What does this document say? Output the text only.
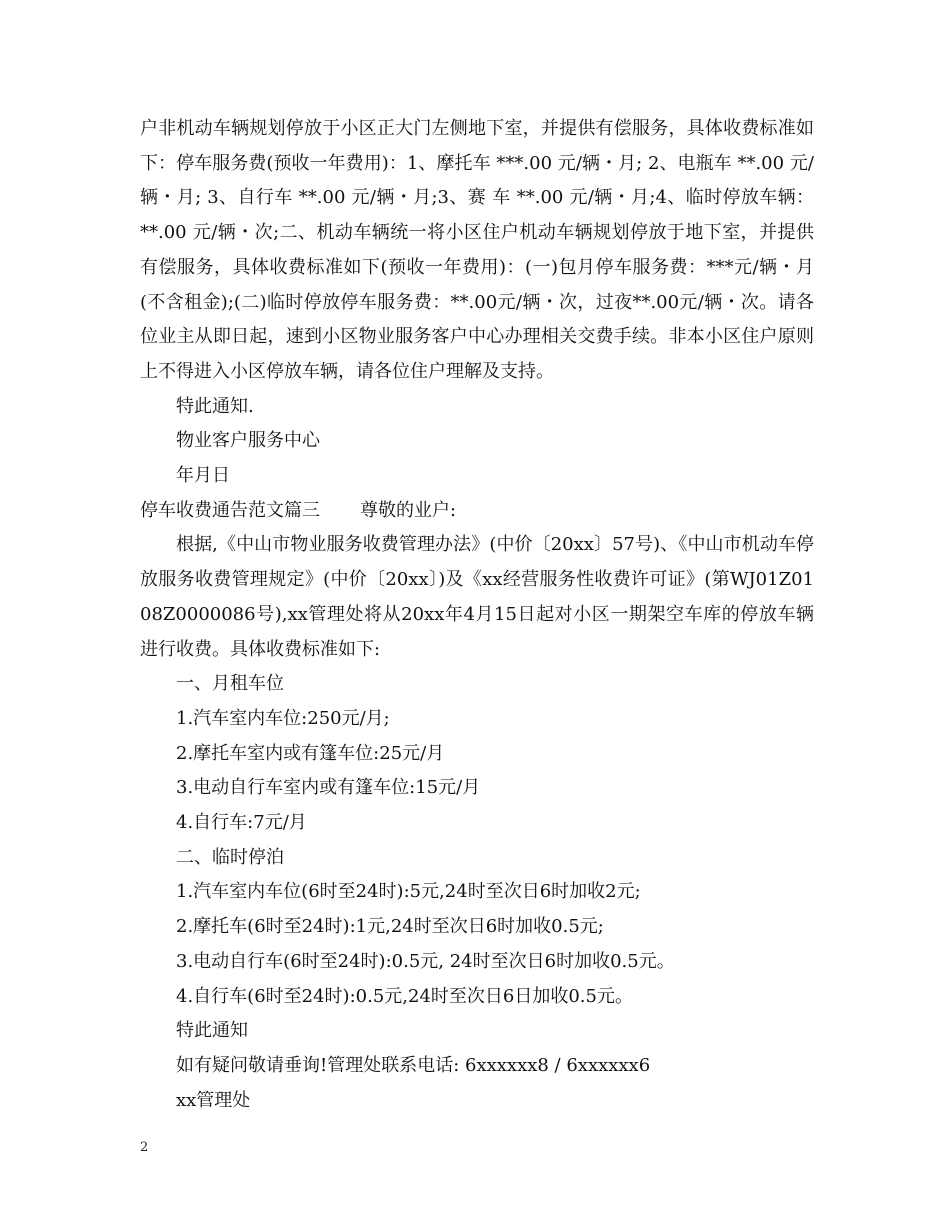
户非机动车辆规划停放于小区正大门左侧地下室，并提供有偿服务，具体收费标准如下：停车服务费(预收一年费用)：1、摩托车 ***.00 元/辆・月; 2、电瓶车 **.00 元/辆・月; 3、自行车 **.00 元/辆・月;3、赛 车 **.00 元/辆・月;4、临时停放车辆： **.00 元/辆・次;二、机动车辆统一将小区住户机动车辆规划停放于地下室，并提供有偿服务，具体收费标准如下(预收一年费用)：(一)包月停车服务费：***元/辆・月(不含租金);(二)临时停放停车服务费：**.00元/辆・次，过夜**.00元/辆・次。请各位业主从即日起，速到小区物业服务客户中心办理相关交费手续。非本小区住户原则上不得进入小区停放车辆，请各位住户理解及支持。

特此通知.

物业客户服务中心

年月日

停车收费通告范文篇三 尊敬的业户:

根据,《中山市物业服务收费管理办法》(中价〔20xx〕57号)、《中山市机动车停放服务收费管理规定》(中价〔20xx〕)及《xx经营服务性收费许可证》(第WJ01Z0108Z0000086号),xx管理处将从20xx年4月15日起对小区一期架空车库的停放车辆进行收费。具体收费标准如下:

一、月租车位

1.汽车室内车位:250元/月;

2.摩托车室内或有篷车位:25元/月

3.电动自行车室内或有篷车位:15元/月

4.自行车:7元/月

二、临时停泊

1.汽车室内车位(6时至24时):5元,24时至次日6时加收2元;

2.摩托车(6时至24时):1元,24时至次日6时加收0.5元;

3.电动自行车(6时至24时):0.5元, 24时至次日6时加收0.5元。

4.自行车(6时至24时):0.5元,24时至次日6日加收0.5元。

特此通知

如有疑问敬请垂询!管理处联系电话: 6xxxxxx8 / 6xxxxxx6

xx管理处

2
